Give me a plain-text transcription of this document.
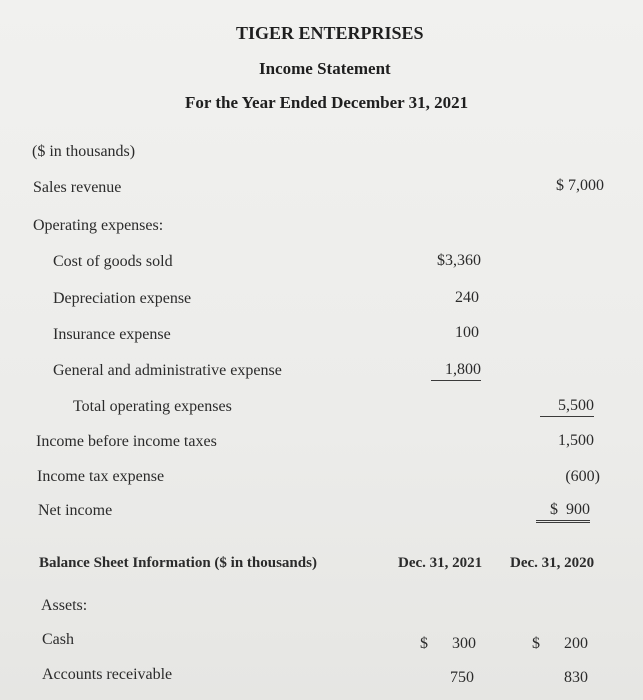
TIGER ENTERPRISES
Income Statement
For the Year Ended December 31, 2021
($ in thousands)
Sales revenue	$ 7,000
Operating expenses:
Cost of goods sold	$3,360
Depreciation expense	240
Insurance expense	100
General and administrative expense	1,800
Total operating expenses	5,500
Income before income taxes	1,500
Income tax expense	(600)
Net income	$  900
Balance Sheet Information ($ in thousands)	Dec. 31, 2021 Dec. 31, 2020
Assets:
Cash	$	300	$	200
Accounts receivable	750	830
